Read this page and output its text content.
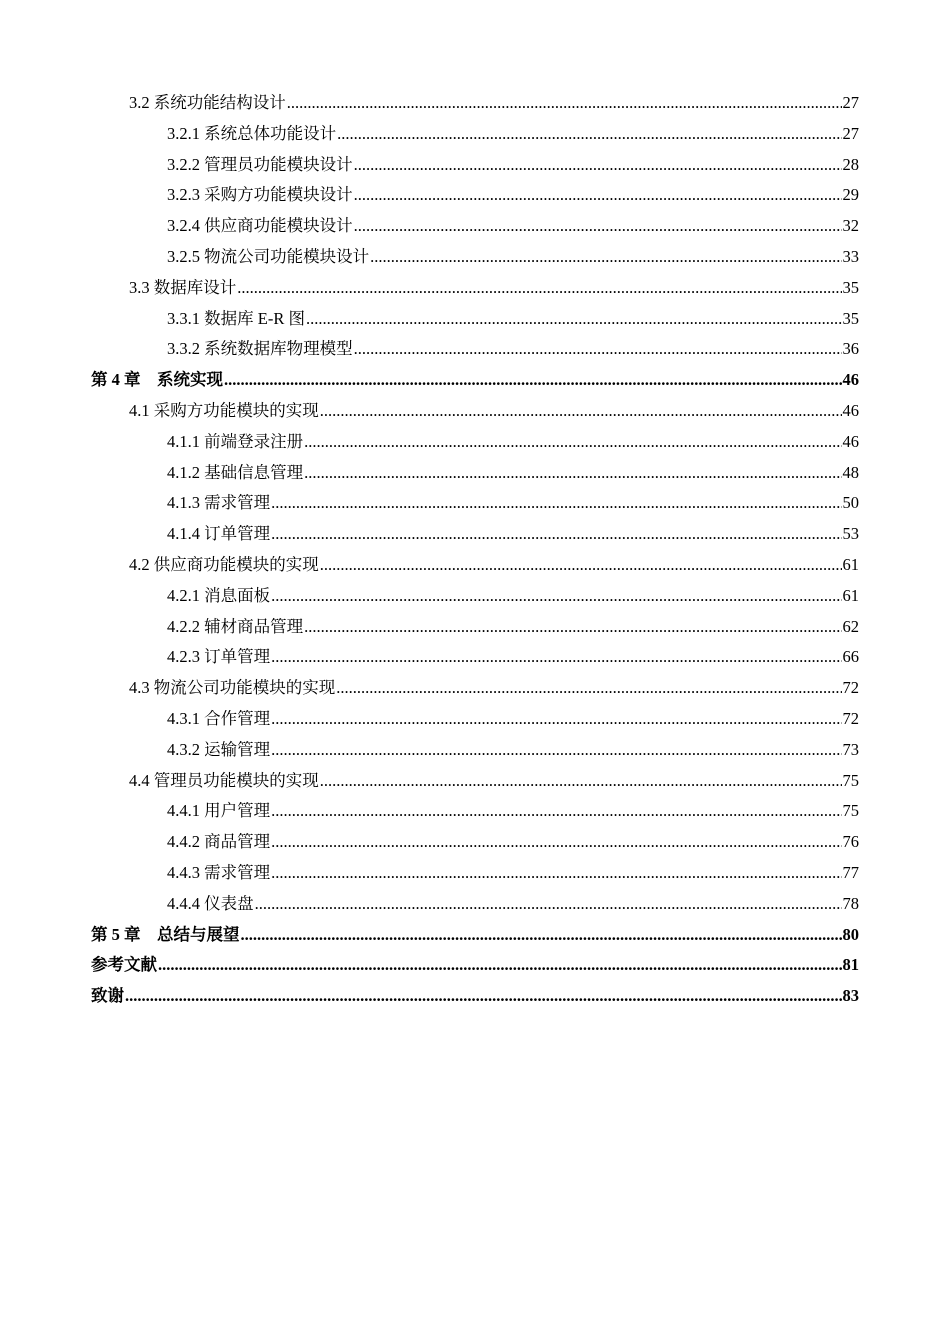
3.2 系统功能结构设计 .....	27
3.2.1 系统总体功能设计 .....	27
3.2.2 管理员功能模块设计 .....	28
3.2.3 采购方功能模块设计 .....	29
3.2.4 供应商功能模块设计 .....	32
3.2.5 物流公司功能模块设计 .....	33
3.3 数据库设计 .....	35
3.3.1 数据库 E-R 图 .....	35
3.3.2 系统数据库物理模型 .....	36
第 4 章　系统实现 .....	46
4.1 采购方功能模块的实现 .....	46
4.1.1 前端登录注册 .....	46
4.1.2 基础信息管理 .....	48
4.1.3 需求管理 .....	50
4.1.4 订单管理 .....	53
4.2 供应商功能模块的实现 .....	61
4.2.1 消息面板 .....	61
4.2.2 辅材商品管理 .....	62
4.2.3 订单管理 .....	66
4.3 物流公司功能模块的实现 .....	72
4.3.1 合作管理 .....	72
4.3.2 运输管理 .....	73
4.4 管理员功能模块的实现 .....	75
4.4.1 用户管理 .....	75
4.4.2 商品管理 .....	76
4.4.3 需求管理 .....	77
4.4.4 仪表盘 .....	78
第 5 章　总结与展望 .....	80
参考文献 .....	81
致谢 .....	83
